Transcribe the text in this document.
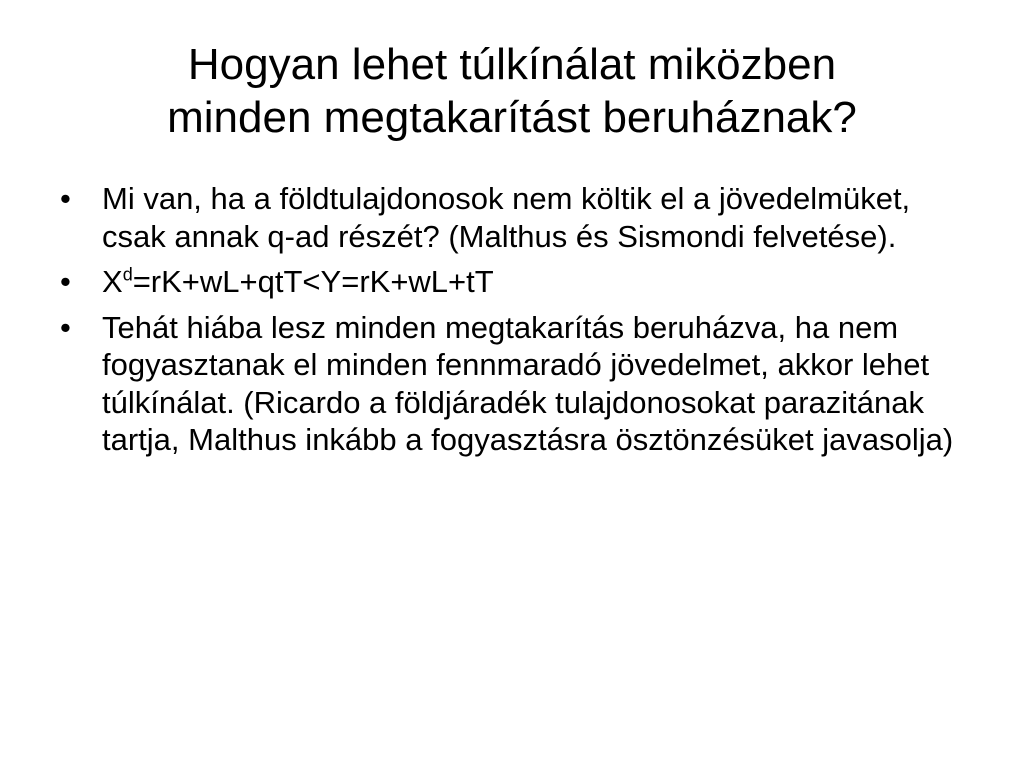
Hogyan lehet túlkínálat miközben
minden megtakarítást beruháznak?
• Mi van, ha a földtulajdonosok nem költik el a jövedelmüket, csak annak q-ad részét? (Malthus és Sismondi felvetése).
• $X^d=rK+wL+qtT<Y=rK+wL+tT$
• Tehát hiába lesz minden megtakarítás beruházva, ha nem fogyasztanak el minden fennmaradó jövedelmet, akkor lehet túlkínálat. (Ricardo a földjáradék tulajdonosokat parazitának tartja, Malthus inkább a fogyasztásra ösztönzésüket javasolja)
